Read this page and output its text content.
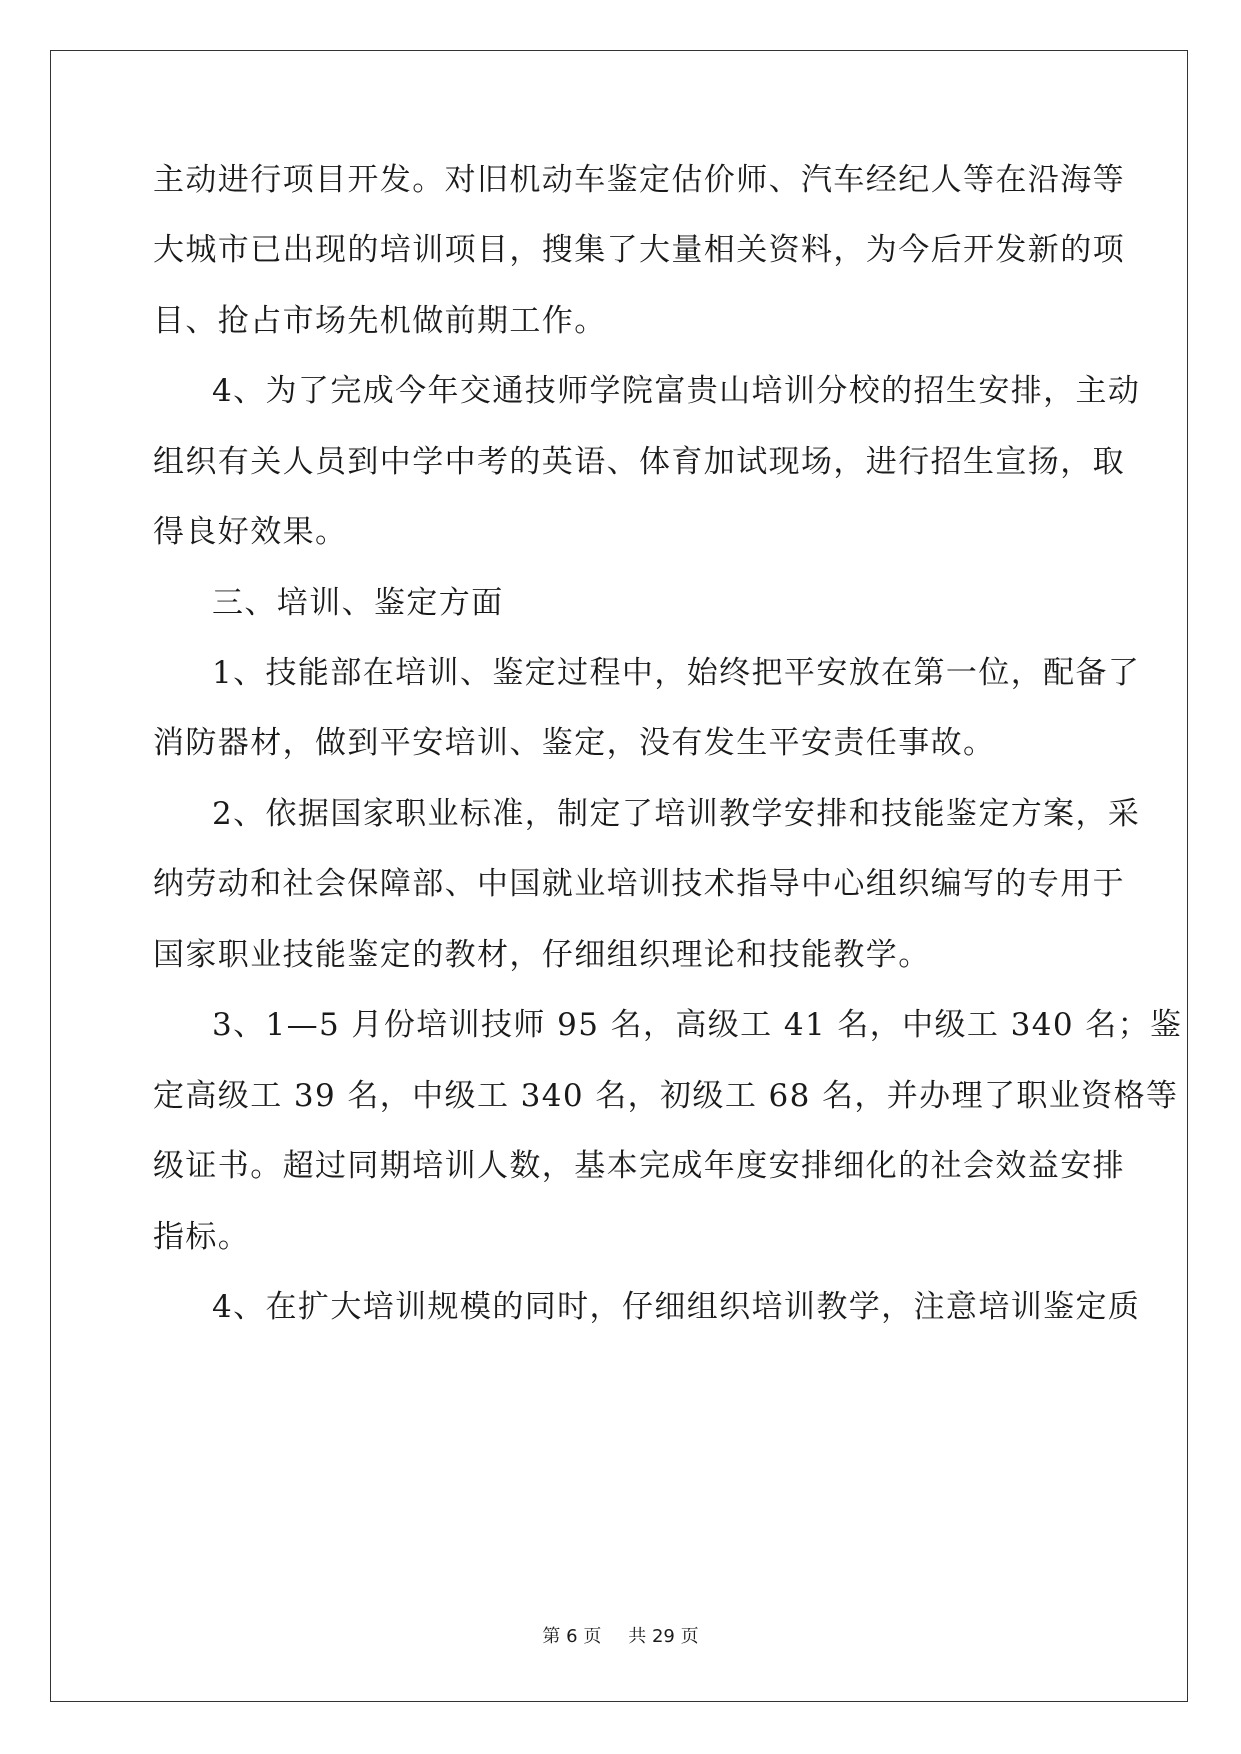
主动进行项目开发。对旧机动车鉴定估价师、汽车经纪人等在沿海等
大城市已出现的培训项目，搜集了大量相关资料，为今后开发新的项
目、抢占市场先机做前期工作。
4、为了完成今年交通技师学院富贵山培训分校的招生安排，主动
组织有关人员到中学中考的英语、体育加试现场，进行招生宣扬，取
得良好效果。
三、培训、鉴定方面
1、技能部在培训、鉴定过程中，始终把平安放在第一位，配备了
消防器材，做到平安培训、鉴定，没有发生平安责任事故。
2、依据国家职业标准，制定了培训教学安排和技能鉴定方案，采
纳劳动和社会保障部、中国就业培训技术指导中心组织编写的专用于
国家职业技能鉴定的教材，仔细组织理论和技能教学。
3、1—5 月份培训技师 95 名，高级工 41 名，中级工 340 名；鉴
定高级工 39 名，中级工 340 名，初级工 68 名，并办理了职业资格等
级证书。超过同期培训人数，基本完成年度安排细化的社会效益安排
指标。
4、在扩大培训规模的同时，仔细组织培训教学，注意培训鉴定质
第 6 页 共 29 页
